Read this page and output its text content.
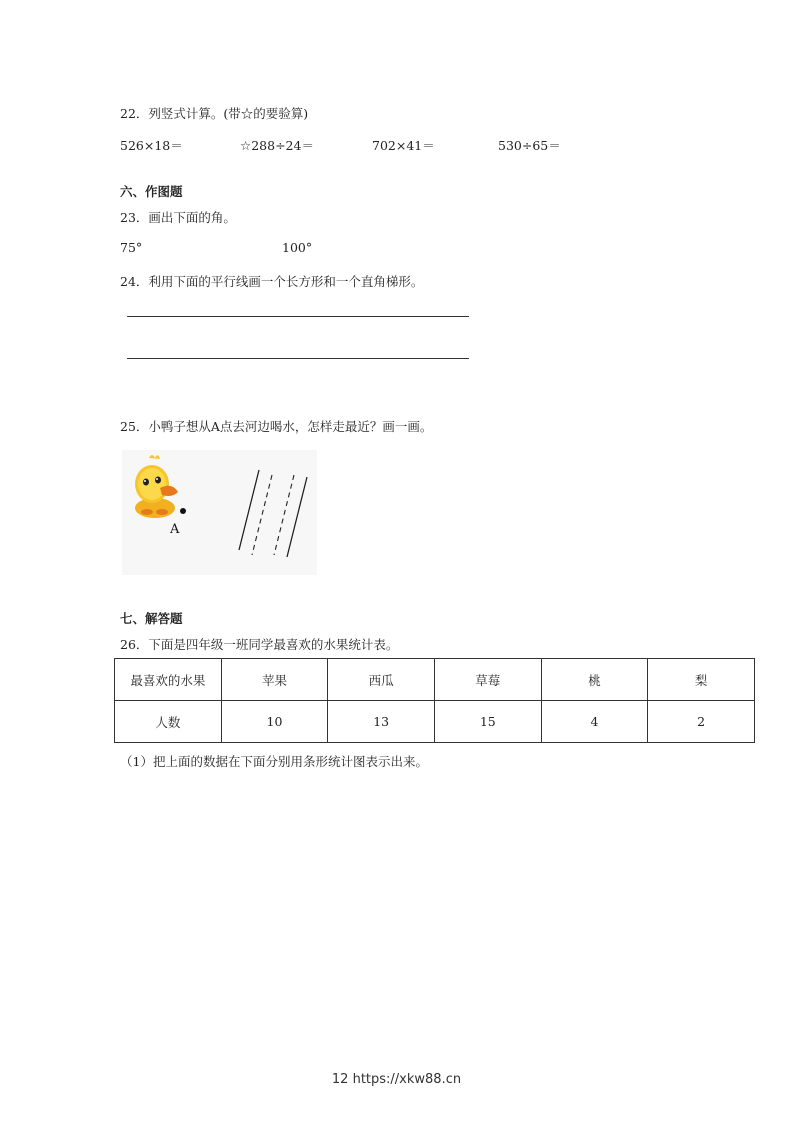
22．列竖式计算。(带☆的要验算)
526×18＝	☆288÷24＝	702×41＝	530÷65＝
六、作图题
23．画出下面的角。
75°	100°
24．利用下面的平行线画一个长方形和一个直角梯形。
25．小鸭子想从A点去河边喝水，怎样走最近？画一画。
A
七、解答题
26．下面是四年级一班同学最喜欢的水果统计表。
最喜欢的水果	苹果	西瓜	草莓	桃	梨
人数	10	13	15	4	2
（1）把上面的数据在下面分别用条形统计图表示出来。
12 https://xkw88.cn
